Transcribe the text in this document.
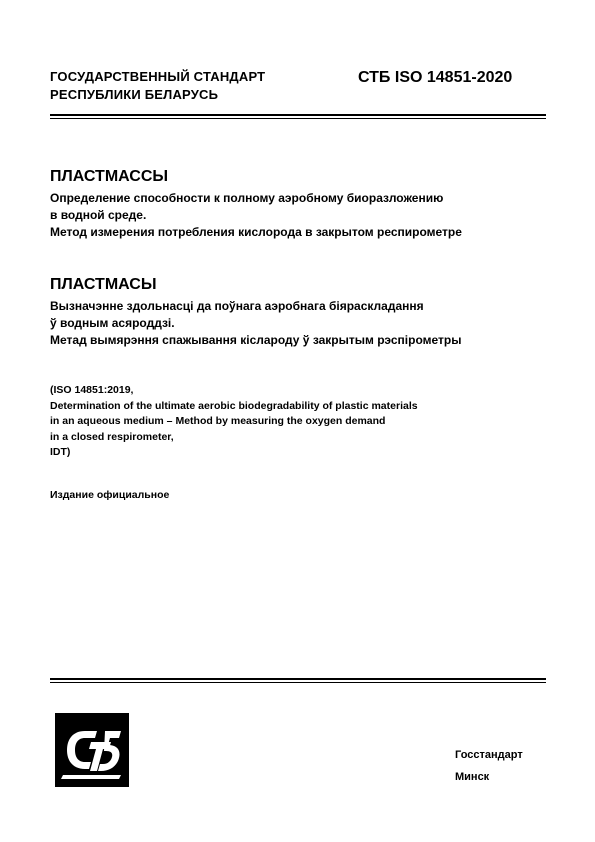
ГОСУДАРСТВЕННЫЙ СТАНДАРТ
РЕСПУБЛИКИ БЕЛАРУСЬ
СТБ ISO 14851-2020
ПЛАСТМАССЫ
Определение способности к полному аэробному биоразложению
в водной среде.
Метод измерения потребления кислорода в закрытом респирометре
ПЛАСТМАСЫ
Вызначэнне здольнасці да поўнага аэробнага біяраскладання
ў водным асяроддзі.
Метад вымярэння спажывання кіслароду ў закрытым рэспірометры
(ISO 14851:2019,
Determination of the ultimate aerobic biodegradability of plastic materials
in an aqueous medium – Method by measuring the oxygen demand
in a closed respirometer,
IDT)
Издание официальное
Госстандарт
Минск
